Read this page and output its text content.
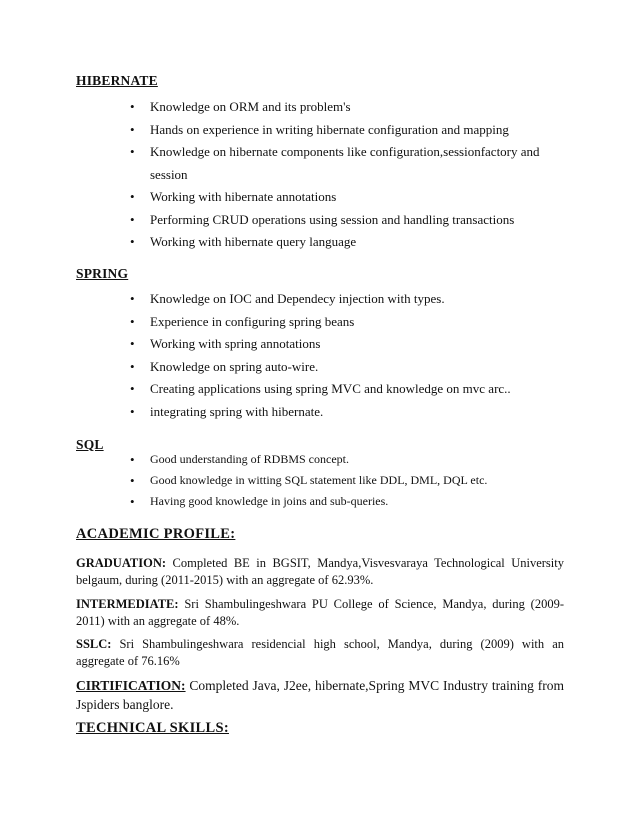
HIBERNATE
• Knowledge on ORM and its problem's
• Hands on experience in writing hibernate configuration and mapping
• Knowledge on hibernate components like configuration,sessionfactory and session
• Working with hibernate annotations
• Performing CRUD operations using session and handling transactions
• Working with hibernate query language
SPRING
• Knowledge on IOC and Dependecy injection with types.
• Experience in configuring spring beans
• Working with spring annotations
• Knowledge on spring auto-wire.
• Creating applications using spring MVC and knowledge on mvc arc..
• integrating spring with hibernate.
SQL
• Good understanding of RDBMS concept.
• Good knowledge in witting SQL statement like DDL, DML, DQL etc.
• Having good knowledge in joins and sub-queries.
ACADEMIC PROFILE:

GRADUATION: Completed BE in BGSIT, Mandya,Visvesvaraya Technological University belgaum, during (2011-2015) with an aggregate of 62.93%.

INTERMEDIATE: Sri Shambulingeshwara PU College of Science, Mandya, during (2009-2011) with an aggregate of 48%.

SSLC: Sri Shambulingeshwara residencial high school, Mandya, during (2009) with an aggregate of 76.16%

CIRTIFICATION: Completed Java, J2ee, hibernate,Spring MVC Industry training from Jspiders banglore.

TECHNICAL SKILLS:
